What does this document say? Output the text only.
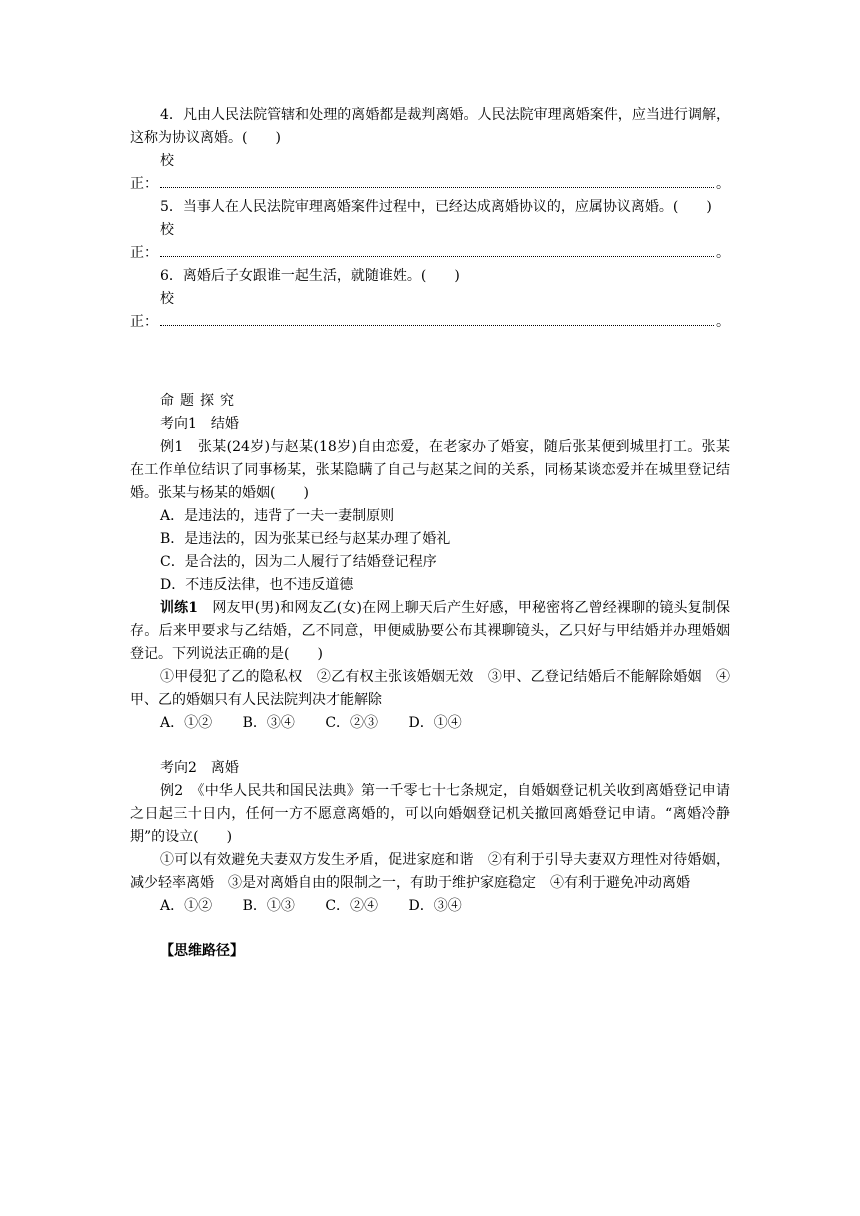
4．凡由人民法院管辖和处理的离婚都是裁判离婚。人民法院审理离婚案件，应当进行调解，这称为协议离婚。(　　)

校

正：	。

5．当事人在人民法院审理离婚案件过程中，已经达成离婚协议的，应属协议离婚。(　　)

校

正：	。

6．离婚后子女跟谁一起生活，就随谁姓。(　　)

校

正：	。

命题探究

考向1　结婚

例1　张某(24岁)与赵某(18岁)自由恋爱，在老家办了婚宴，随后张某便到城里打工。张某在工作单位结识了同事杨某，张某隐瞒了自己与赵某之间的关系，同杨某谈恋爱并在城里登记结婚。张某与杨某的婚姻(　　)

A．是违法的，违背了一夫一妻制原则

B．是违法的，因为张某已经与赵某办理了婚礼

C．是合法的，因为二人履行了结婚登记程序

D．不违反法律，也不违反道德

训练1　网友甲(男)和网友乙(女)在网上聊天后产生好感，甲秘密将乙曾经裸聊的镜头复制保存。后来甲要求与乙结婚，乙不同意，甲便威胁要公布其裸聊镜头，乙只好与甲结婚并办理婚姻登记。下列说法正确的是(　　)

①甲侵犯了乙的隐私权　②乙有权主张该婚姻无效　③甲、乙登记结婚后不能解除婚姻　④甲、乙的婚姻只有人民法院判决才能解除

A．①② B．③④ C．②③ D．①④

考向2　离婚

例2　《中华人民共和国民法典》第一千零七十七条规定，自婚姻登记机关收到离婚登记申请之日起三十日内，任何一方不愿意离婚的，可以向婚姻登记机关撤回离婚登记申请。“离婚冷静期”的设立(　　)

①可以有效避免夫妻双方发生矛盾，促进家庭和谐　②有利于引导夫妻双方理性对待婚姻，减少轻率离婚　③是对离婚自由的限制之一，有助于维护家庭稳定　④有利于避免冲动离婚

A．①② B．①③ C．②④ D．③④

【思维路径】
